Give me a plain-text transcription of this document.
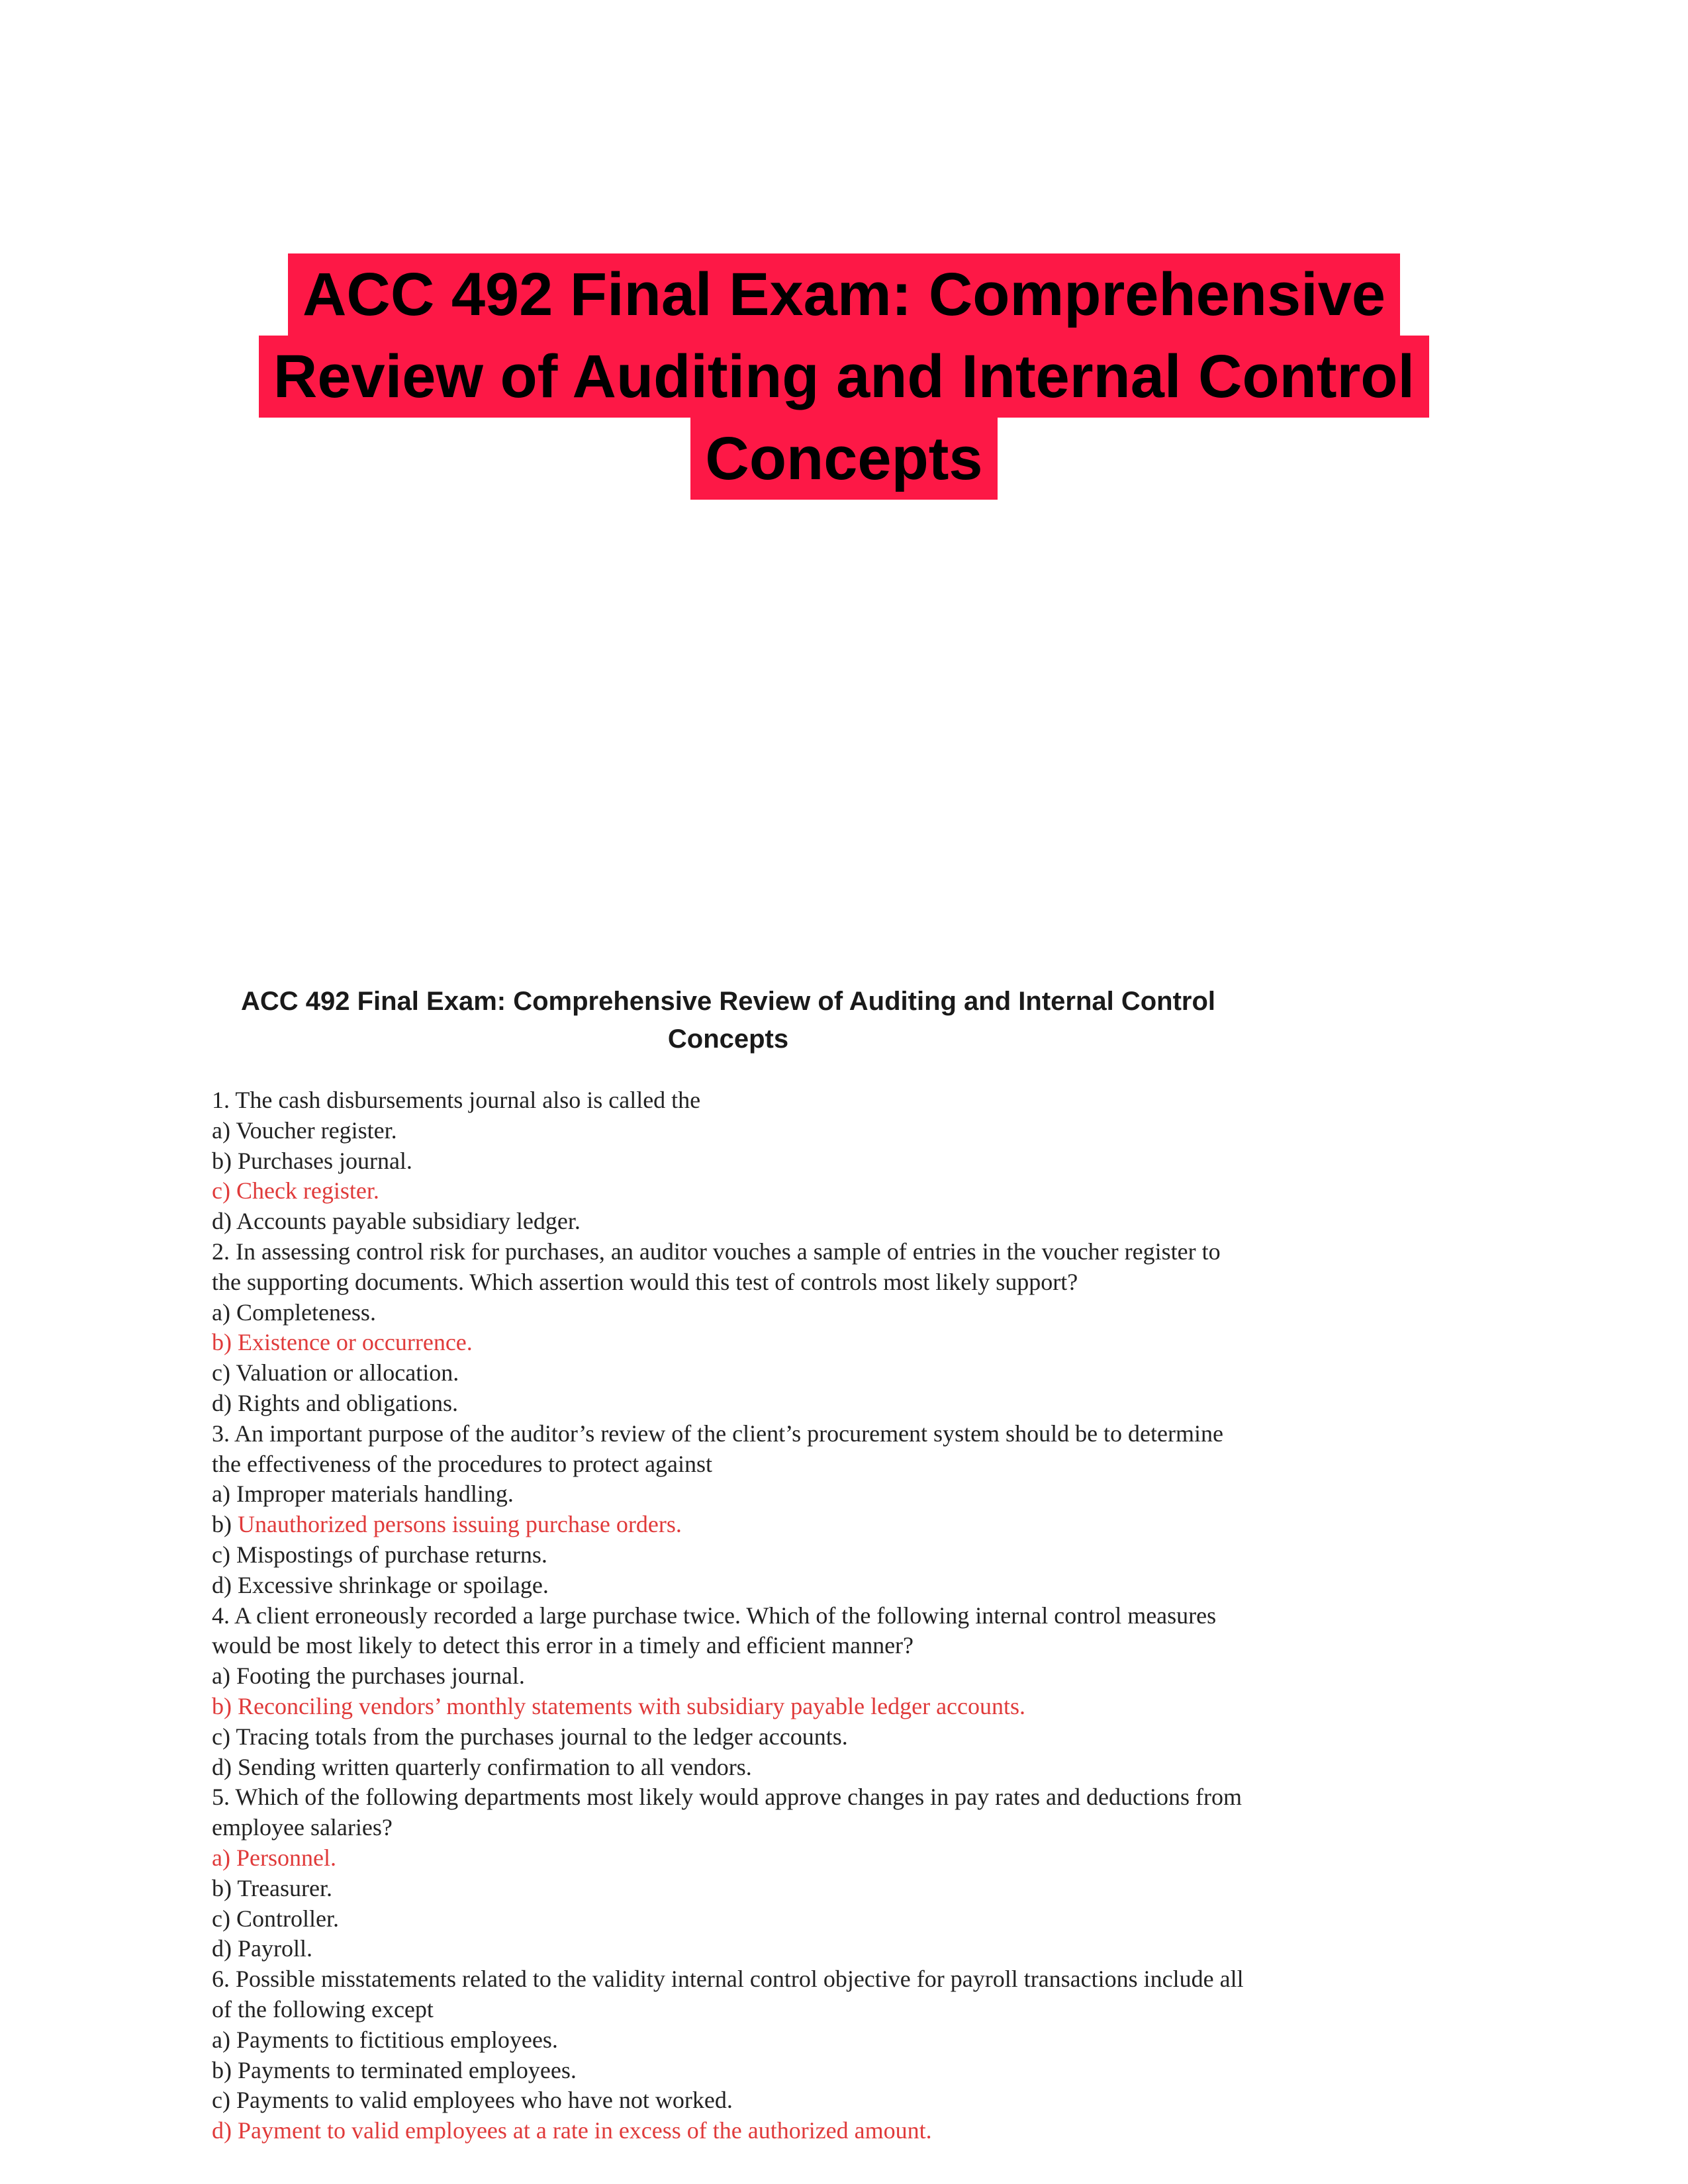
ACC 492 Final Exam: Comprehensive
Review of Auditing and Internal Control
Concepts
ACC 492 Final Exam: Comprehensive Review of Auditing and Internal Control
Concepts
1. The cash disbursements journal also is called the
a) Voucher register.
b) Purchases journal.
c) Check register.
d) Accounts payable subsidiary ledger.
2. In assessing control risk for purchases, an auditor vouches a sample of entries in the voucher register to the supporting documents. Which assertion would this test of controls most likely support?
a) Completeness.
b) Existence or occurrence.
c) Valuation or allocation.
d) Rights and obligations.
3. An important purpose of the auditor’s review of the client’s procurement system should be to determine the effectiveness of the procedures to protect against
a) Improper materials handling.
b) Unauthorized persons issuing purchase orders.
c) Mispostings of purchase returns.
d) Excessive shrinkage or spoilage.
4. A client erroneously recorded a large purchase twice. Which of the following internal control measures would be most likely to detect this error in a timely and efficient manner?
a) Footing the purchases journal.
b) Reconciling vendors’ monthly statements with subsidiary payable ledger accounts.
c) Tracing totals from the purchases journal to the ledger accounts.
d) Sending written quarterly confirmation to all vendors.
5. Which of the following departments most likely would approve changes in pay rates and deductions from employee salaries?
a) Personnel.
b) Treasurer.
c) Controller.
d) Payroll.
6. Possible misstatements related to the validity internal control objective for payroll transactions include all of the following except
a) Payments to fictitious employees.
b) Payments to terminated employees.
c) Payments to valid employees who have not worked.
d) Payment to valid employees at a rate in excess of the authorized amount.
